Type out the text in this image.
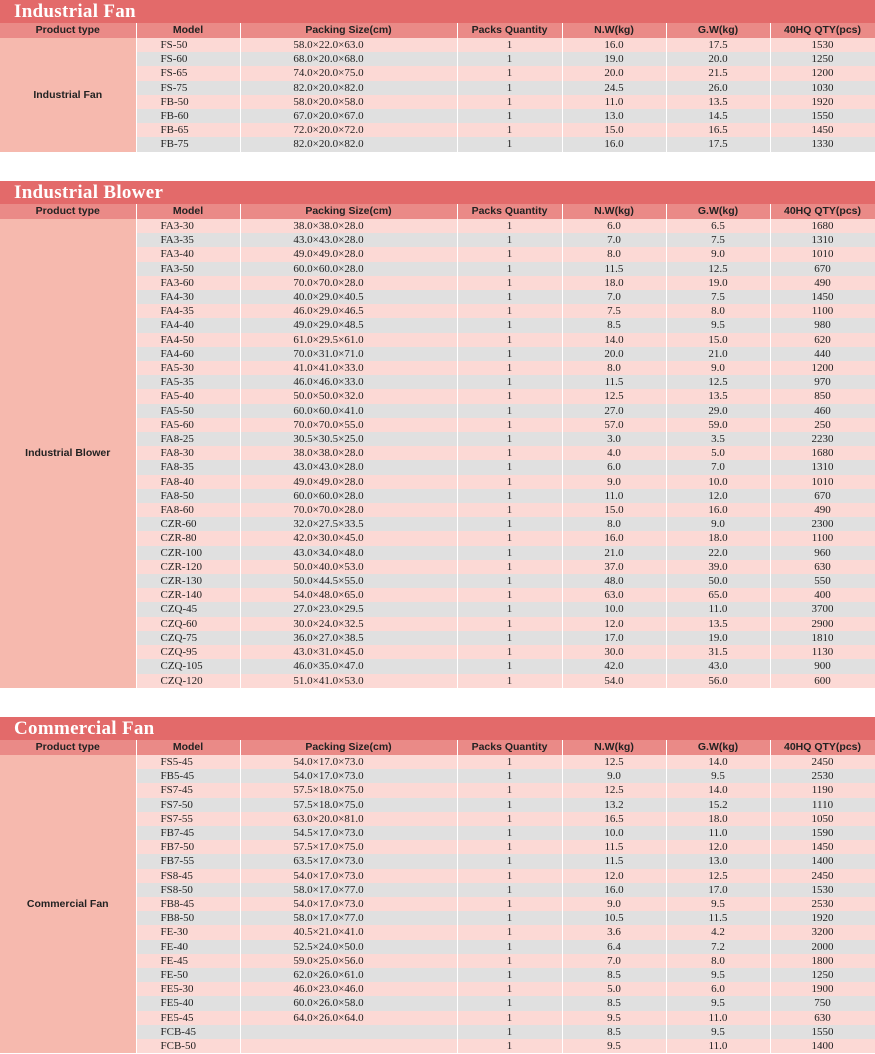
Industrial Fan
Product type	Model	Packing Size(cm)	Packs Quantity	N.W(kg)	G.W(kg)	40HQ QTY(pcs)
Industrial Fan	FS-50	58.0×22.0×63.0	1	16.0	17.5	1530
	FS-60	68.0×20.0×68.0	1	19.0	20.0	1250
	FS-65	74.0×20.0×75.0	1	20.0	21.5	1200
	FS-75	82.0×20.0×82.0	1	24.5	26.0	1030
	FB-50	58.0×20.0×58.0	1	11.0	13.5	1920
	FB-60	67.0×20.0×67.0	1	13.0	14.5	1550
	FB-65	72.0×20.0×72.0	1	15.0	16.5	1450
	FB-75	82.0×20.0×82.0	1	16.0	17.5	1330
Industrial Blower
Product type	Model	Packing Size(cm)	Packs Quantity	N.W(kg)	G.W(kg)	40HQ QTY(pcs)
Industrial Blower	FA3-30	38.0×38.0×28.0	1	6.0	6.5	1680
	FA3-35	43.0×43.0×28.0	1	7.0	7.5	1310
	FA3-40	49.0×49.0×28.0	1	8.0	9.0	1010
	FA3-50	60.0×60.0×28.0	1	11.5	12.5	670
	FA3-60	70.0×70.0×28.0	1	18.0	19.0	490
	FA4-30	40.0×29.0×40.5	1	7.0	7.5	1450
	FA4-35	46.0×29.0×46.5	1	7.5	8.0	1100
	FA4-40	49.0×29.0×48.5	1	8.5	9.5	980
	FA4-50	61.0×29.5×61.0	1	14.0	15.0	620
	FA4-60	70.0×31.0×71.0	1	20.0	21.0	440
	FA5-30	41.0×41.0×33.0	1	8.0	9.0	1200
	FA5-35	46.0×46.0×33.0	1	11.5	12.5	970
	FA5-40	50.0×50.0×32.0	1	12.5	13.5	850
	FA5-50	60.0×60.0×41.0	1	27.0	29.0	460
	FA5-60	70.0×70.0×55.0	1	57.0	59.0	250
	FA8-25	30.5×30.5×25.0	1	3.0	3.5	2230
	FA8-30	38.0×38.0×28.0	1	4.0	5.0	1680
	FA8-35	43.0×43.0×28.0	1	6.0	7.0	1310
	FA8-40	49.0×49.0×28.0	1	9.0	10.0	1010
	FA8-50	60.0×60.0×28.0	1	11.0	12.0	670
	FA8-60	70.0×70.0×28.0	1	15.0	16.0	490
	CZR-60	32.0×27.5×33.5	1	8.0	9.0	2300
	CZR-80	42.0×30.0×45.0	1	16.0	18.0	1100
	CZR-100	43.0×34.0×48.0	1	21.0	22.0	960
	CZR-120	50.0×40.0×53.0	1	37.0	39.0	630
	CZR-130	50.0×44.5×55.0	1	48.0	50.0	550
	CZR-140	54.0×48.0×65.0	1	63.0	65.0	400
	CZQ-45	27.0×23.0×29.5	1	10.0	11.0	3700
	CZQ-60	30.0×24.0×32.5	1	12.0	13.5	2900
	CZQ-75	36.0×27.0×38.5	1	17.0	19.0	1810
	CZQ-95	43.0×31.0×45.0	1	30.0	31.5	1130
	CZQ-105	46.0×35.0×47.0	1	42.0	43.0	900
	CZQ-120	51.0×41.0×53.0	1	54.0	56.0	600
Commercial Fan
Product type	Model	Packing Size(cm)	Packs Quantity	N.W(kg)	G.W(kg)	40HQ QTY(pcs)
Commercial Fan	FS5-45	54.0×17.0×73.0	1	12.5	14.0	2450
	FB5-45	54.0×17.0×73.0	1	9.0	9.5	2530
	FS7-45	57.5×18.0×75.0	1	12.5	14.0	1190
	FS7-50	57.5×18.0×75.0	1	13.2	15.2	1110
	FS7-55	63.0×20.0×81.0	1	16.5	18.0	1050
	FB7-45	54.5×17.0×73.0	1	10.0	11.0	1590
	FB7-50	57.5×17.0×75.0	1	11.5	12.0	1450
	FB7-55	63.5×17.0×73.0	1	11.5	13.0	1400
	FS8-45	54.0×17.0×73.0	1	12.0	12.5	2450
	FS8-50	58.0×17.0×77.0	1	16.0	17.0	1530
	FB8-45	54.0×17.0×73.0	1	9.0	9.5	2530
	FB8-50	58.0×17.0×77.0	1	10.5	11.5	1920
	FE-30	40.5×21.0×41.0	1	3.6	4.2	3200
	FE-40	52.5×24.0×50.0	1	6.4	7.2	2000
	FE-45	59.0×25.0×56.0	1	7.0	8.0	1800
	FE-50	62.0×26.0×61.0	1	8.5	9.5	1250
	FE5-30	46.0×23.0×46.0	1	5.0	6.0	1900
	FE5-40	60.0×26.0×58.0	1	8.5	9.5	750
	FE5-45	64.0×26.0×64.0	1	9.5	11.0	630
	FCB-45		1	8.5	9.5	1550
	FCB-50		1	9.5	11.0	1400
